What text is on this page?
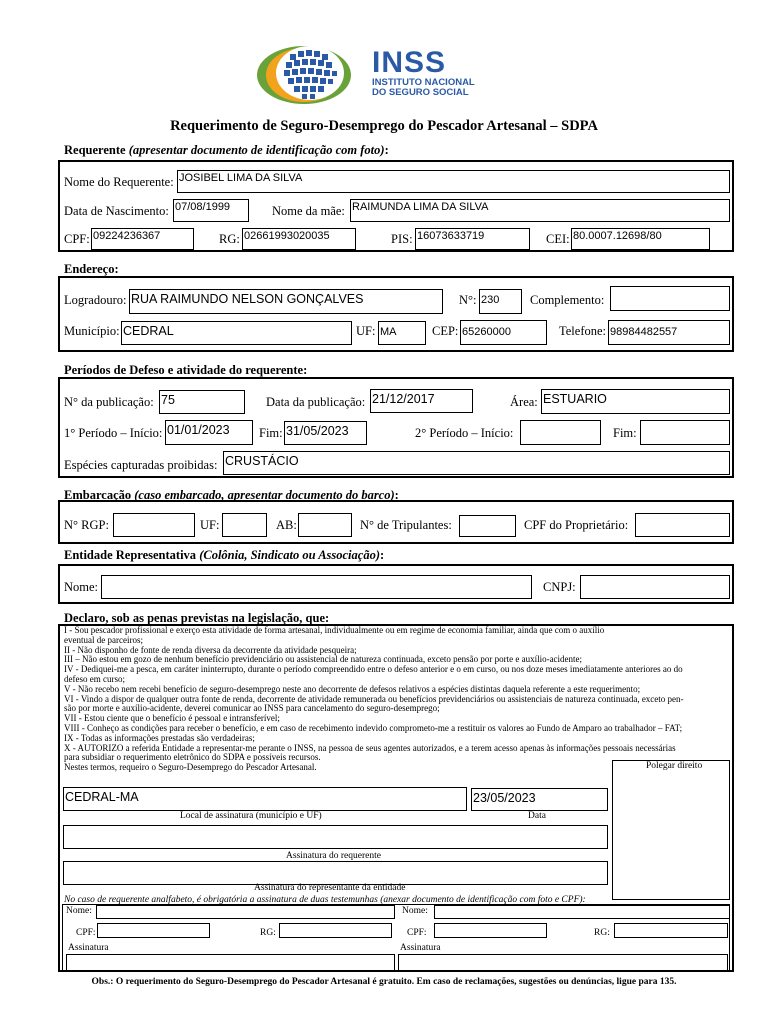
INSS
INSTITUTO NACIONAL
DO SEGURO SOCIAL
Requerimento de Seguro-Desemprego do Pescador Artesanal – SDPA
Requerente (apresentar documento de identificação com foto):
Nome do Requerente: JOSIBEL LIMA DA SILVA
Data de Nascimento: 07/08/1999	Nome da mãe: RAIMUNDA LIMA DA SILVA
CPF: 09224236367	RG: 02661993020035	PIS: 16073633719	CEI: 80.0007.12698/80
Endereço:
Logradouro: RUA RAIMUNDO NELSON GONÇALVES	N°: 230	Complemento:
Município: CEDRAL	UF: MA	CEP: 65260000	Telefone: 98984482557
Períodos de Defeso e atividade do requerente:
N° da publicação: 75	Data da publicação: 21/12/2017	Área: ESTUARIO
1° Período – Início: 01/01/2023	Fim: 31/05/2023	2° Período – Início:	Fim:
Espécies capturadas proibidas: CRUSTÁCIO
Embarcação (caso embarcado, apresentar documento do barco):
N° RGP:	UF:	AB:	N° de Tripulantes:	CPF do Proprietário:
Entidade Representativa (Colônia, Sindicato ou Associação):
Nome:	CNPJ:
Declaro, sob as penas previstas na legislação, que:
I - Sou pescador profissional e exerço esta atividade de forma artesanal, individualmente ou em regime de economia familiar, ainda que com o auxílio
eventual de parceiros;
II - Não disponho de fonte de renda diversa da decorrente da atividade pesqueira;
III – Não estou em gozo de nenhum benefício previdenciário ou assistencial de natureza continuada, exceto pensão por porte e auxílio-acidente;
IV - Dediquei-me a pesca, em caráter ininterrupto, durante o período compreendido entre o defeso anterior e o em curso, ou nos doze meses imediatamente anteriores ao do
defeso em curso;
V - Não recebo nem recebi benefício de seguro-desemprego neste ano decorrente de defesos relativos a espécies distintas daquela referente a este requerimento;
VI - Vindo a dispor de qualquer outra fonte de renda, decorrente de atividade remunerada ou benefícios previdenciários ou assistenciais de natureza continuada, exceto pen-
são por morte e auxílio-acidente, deverei comunicar ao INSS para cancelamento do seguro-desemprego;
VII - Estou ciente que o benefício é pessoal e intransferível;
VIII - Conheço as condições para receber o benefício, e em caso de recebimento indevido comprometo-me a restituir os valores ao Fundo de Amparo ao trabalhador – FAT;
IX - Todas as informações prestadas são verdadeiras;
X - AUTORIZO a referida Entidade a representar-me perante o INSS, na pessoa de seus agentes autorizados, e a terem acesso apenas às informações pessoais necessárias
para subsidiar o requerimento eletrônico do SDPA e possíveis recursos.
Nestes termos, requeiro o Seguro-Desemprego do Pescador Artesanal.	Polegar direito
CEDRAL-MA	23/05/2023
Local de assinatura (município e UF)	Data
Assinatura do requerente
Assinatura do representante da entidade
No caso de requerente analfabeto, é obrigatória a assinatura de duas testemunhas (anexar documento de identificação com foto e CPF):
Nome:
CPF:	RG:
Assinatura
Nome:
CPF:	RG:
Assinatura
Obs.: O requerimento do Seguro-Desemprego do Pescador Artesanal é gratuito. Em caso de reclamações, sugestões ou denúncias, ligue para 135.
